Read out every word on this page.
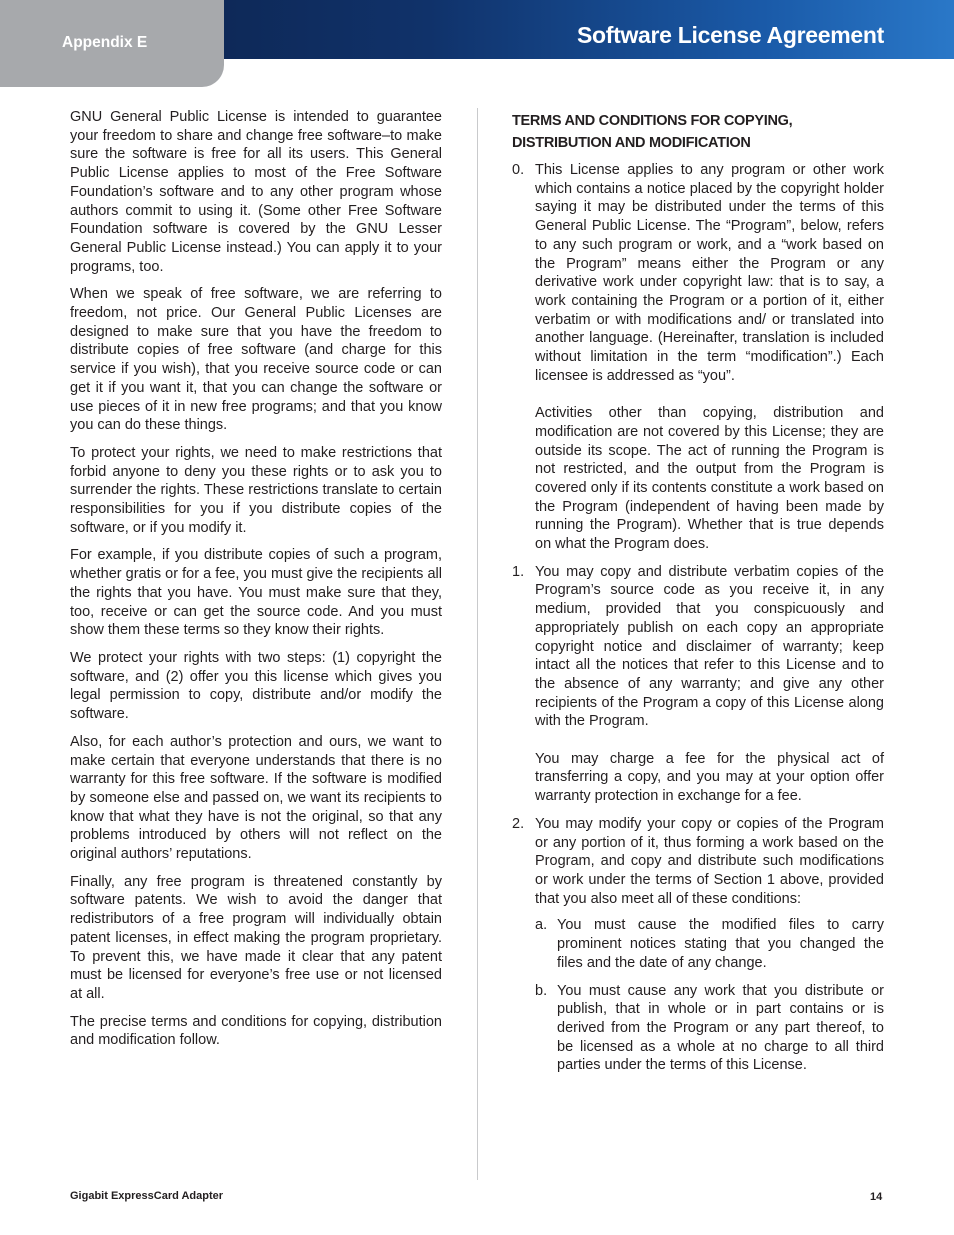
Appendix E	Software License Agreement

GNU General Public License is intended to guarantee your freedom to share and change free software–to make sure the software is free for all its users. This General Public License applies to most of the Free Software Foundation’s software and to any other program whose authors commit to using it. (Some other Free Software Foundation software is covered by the GNU Lesser General Public License instead.) You can apply it to your programs, too.

When we speak of free software, we are referring to freedom, not price. Our General Public Licenses are designed to make sure that you have the freedom to distribute copies of free software (and charge for this service if you wish), that you receive source code or can get it if you want it, that you can change the software or use pieces of it in new free programs; and that you know you can do these things.

To protect your rights, we need to make restrictions that forbid anyone to deny you these rights or to ask you to surrender the rights. These restrictions translate to certain responsibilities for you if you distribute copies of the software, or if you modify it.

For example, if you distribute copies of such a program, whether gratis or for a fee, you must give the recipients all the rights that you have. You must make sure that they, too, receive or can get the source code. And you must show them these terms so they know their rights.

We protect your rights with two steps: (1) copyright the software, and (2) offer you this license which gives you legal permission to copy, distribute and/or modify the software.

Also, for each author’s protection and ours, we want to make certain that everyone understands that there is no warranty for this free software. If the software is modified by someone else and passed on, we want its recipients to know that what they have is not the original, so that any problems introduced by others will not reflect on the original authors’ reputations.

Finally, any free program is threatened constantly by software patents. We wish to avoid the danger that redistributors of a free program will individually obtain patent licenses, in effect making the program proprietary. To prevent this, we have made it clear that any patent must be licensed for everyone’s free use or not licensed at all.

The precise terms and conditions for copying, distribution and modification follow.

TERMS AND CONDITIONS FOR COPYING, DISTRIBUTION AND MODIFICATION
0. This License applies to any program or other work which contains a notice placed by the copyright holder saying it may be distributed under the terms of this General Public License. The “Program”, below, refers to any such program or work, and a “work based on the Program” means either the Program or any derivative work under copyright law: that is to say, a work containing the Program or a portion of it, either verbatim or with modifications and/ or translated into another language. (Hereinafter, translation is included without limitation in the term “modification”.) Each licensee is addressed as “you”.

Activities other than copying, distribution and modification are not covered by this License; they are outside its scope. The act of running the Program is not restricted, and the output from the Program is covered only if its contents constitute a work based on the Program (independent of having been made by running the Program). Whether that is true depends on what the Program does.

1. You may copy and distribute verbatim copies of the Program’s source code as you receive it, in any medium, provided that you conspicuously and appropriately publish on each copy an appropriate copyright notice and disclaimer of warranty; keep intact all the notices that refer to this License and to the absence of any warranty; and give any other recipients of the Program a copy of this License along with the Program.

You may charge a fee for the physical act of transferring a copy, and you may at your option offer warranty protection in exchange for a fee.

2. You may modify your copy or copies of the Program or any portion of it, thus forming a work based on the Program, and copy and distribute such modifications or work under the terms of Section 1 above, provided that you also meet all of these conditions:

a. You must cause the modified files to carry prominent notices stating that you changed the files and the date of any change.
b. You must cause any work that you distribute or publish, that in whole or in part contains or is derived from the Program or any part thereof, to be licensed as a whole at no charge to all third parties under the terms of this License.
Gigabit ExpressCard Adapter	14
